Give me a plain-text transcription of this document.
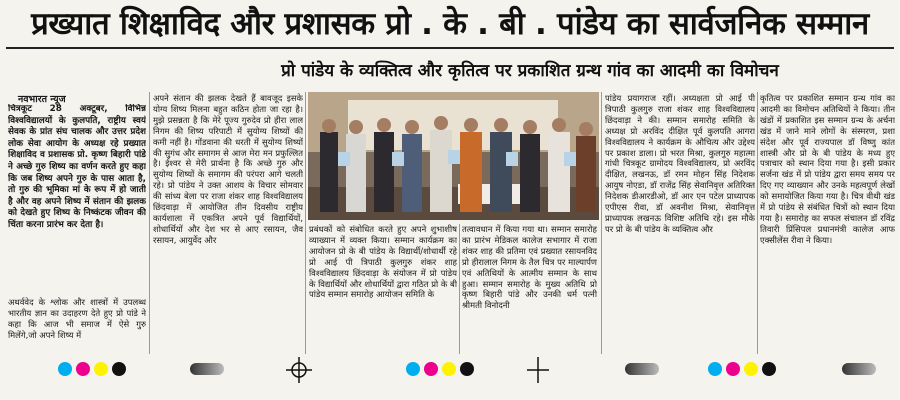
प्रख्यात शिक्षाविद और प्रशासक प्रो . के . बी . पांडेय का सार्वजनिक सम्मान
प्रो पांडेय के व्यक्तित्व और कृतित्व पर प्रकाशित ग्रन्थ गांव का आदमी का विमोचन
नवभारत न्यूज

चित्रकूट 28 अक्टूबर, विभिन्न विश्वविद्यालयों के कुलपति, राष्ट्रीय स्वयं सेवक के प्रांत संघ चालक और उत्तर प्रदेश लोक सेवा आयोग के अध्यक्ष रहे प्रख्यात शिक्षाविद व प्रशासक प्रो. कृष्ण बिहारी पांडे ने अच्छे गुरु शिष्य का वर्णन करते हुए कहा कि जब शिष्य अपने गुरु के पास आता है, तो गुरु की भूमिका मां के रूप में हो जाती है और वह अपने शिष्य में संतान की झलक को देखते हुए शिष्य के निष्कंटक जीवन की चिंता करना प्रारंभ कर देता है।

अथर्ववेद के श्लोक और शास्त्रों में उपलब्ध भारतीय ज्ञान का उदाहरण देते हुए प्रो पांडे ने कहा कि आज भी समाज में ऐसे गुरु मिलेंगे,जो अपने शिष्य में

अपने संतान की झलक देखते हैं बावजूद इसके योग्य शिष्य मिलना बहुत कठिन होता जा रहा है। मुझे प्रसन्नता है कि मेरे पूज्य गुरुदेव प्रो हीरा लाल निगम की शिष्य परिपाटी में सुयोग्य शिष्यों की कमी नहीं है। गोंडवाना की धरती में सुयोग्य शिष्यों की सुगंध और समागम से आज मेरा मन प्रफुल्लित है। ईश्वर से मेरी प्रार्थना है कि अच्छे गुरु और सुयोग्य शिष्यों के समागम की परंपरा आगे चलती रहे। प्रो पांडेय ने उक्त आशय के विचार सोमवार की सांध्य बेला पर राजा शंकर शाह विश्वविद्यालय छिंदवाड़ा में आयोजित तीन दिवसीय राष्ट्रीय कार्यशाला में एकत्रित अपने पूर्व विद्यार्थियों, शोधार्थियों और देश भर से आए रसायन, जैव रसायन, आयुर्वेद और

प्रबंधकों को संबोधित करते हुए अपने शुभाशीष व्याख्यान में व्यक्त किया। सम्मान कार्यक्रम का आयोजन प्रो के बी पांडेय के विद्यार्थी/शोधार्थी रहे प्रो आई पी त्रिपाठी कुलगुरु शंकर शाह विश्वविद्यालय छिंदवाड़ा के संयोजन में प्रो पांडेय के विद्यार्थियों और शोधार्थियों द्वारा गठित प्रो के बी पांडेय सम्मान समारोह आयोजन समिति के

तत्वावधान में किया गया था। सम्मान समारोह का प्रारंभ मेडिकल कालेज सभागार में राजा शंकर शाह की प्रतिमा एवं प्रख्यात रसायनविद प्रो हीरालाल निगम के तैल चित्र पर माल्यार्पण एवं अतिथियों के आत्मीय सम्मान के साथ हुआ। सम्मान समारोह के मुख्य अतिथि प्रो कृष्ण बिहारी पांडे और उनकी धर्म पत्नी श्रीमती विनोदनी

पांडेय प्रयागराज रहीं। अध्यक्षता प्रो आई पी त्रिपाठी कुलगुरु राजा शंकर शाह विश्वविद्यालय छिंदवाड़ा ने की। सम्मान समारोह समिति के अध्यक्ष प्रो अरविंद दीक्षित पूर्व कुलपति आगरा विश्वविद्यालय ने कार्यक्रम के औचित्य और उद्देश्य पर प्रकाश डाला। प्रो भरत मिश्रा, कुलगुरु महात्मा गांधी चित्रकूट ग्रामोदय विश्वविद्यालय, प्रो अरविंद दीक्षित, लखनऊ, डॉ रमन मोहन सिंह निदेशक आयुष नोएडा, डॉ राजेंद्र सिंह सेवानिवृत्त अतिरिक्त निदेशक डीआरडीओ, डॉ आर एन पटेल प्राध्यापक एपीएस रीवा, डॉ अवनीश मिश्रा, सेवानिवृत्त प्राध्यापक लखनऊ विशिष्ट अतिथि रहे। इस मौके पर प्रो के बी पांडेय के व्यक्तित्व और

कृतित्व पर प्रकाशित सम्मान ग्रन्थ गांव का आदमी का विमोचन अतिथियों ने किया। तीन खंडों में प्रकाशित इस सम्मान ग्रन्थ के अर्चना खंड में जाने माने लोगों के संस्मरण, प्रशा संदेश और पूर्व राज्यपाल डॉ विष्णु कांत शास्त्री और प्रो के बी पांडेय के मध्य हुए पत्राचार को स्थान दिया गया है। इसी प्रकार सर्जना खंड में प्रो पांडेय द्वारा समय समय पर दिए गए व्याख्यान और उनके महत्वपूर्ण लेखों को समायोजित किया गया है। चित्र वीथी खंड में प्रो पांडेय से संबंधित चित्रों को स्थान दिया गया है। समारोह का सफल संचालन डॉ रविंद्र तिवारी प्रिंसिपल प्रधानमंत्री कालेज आफ एक्सीलेंस रीवा ने किया।
